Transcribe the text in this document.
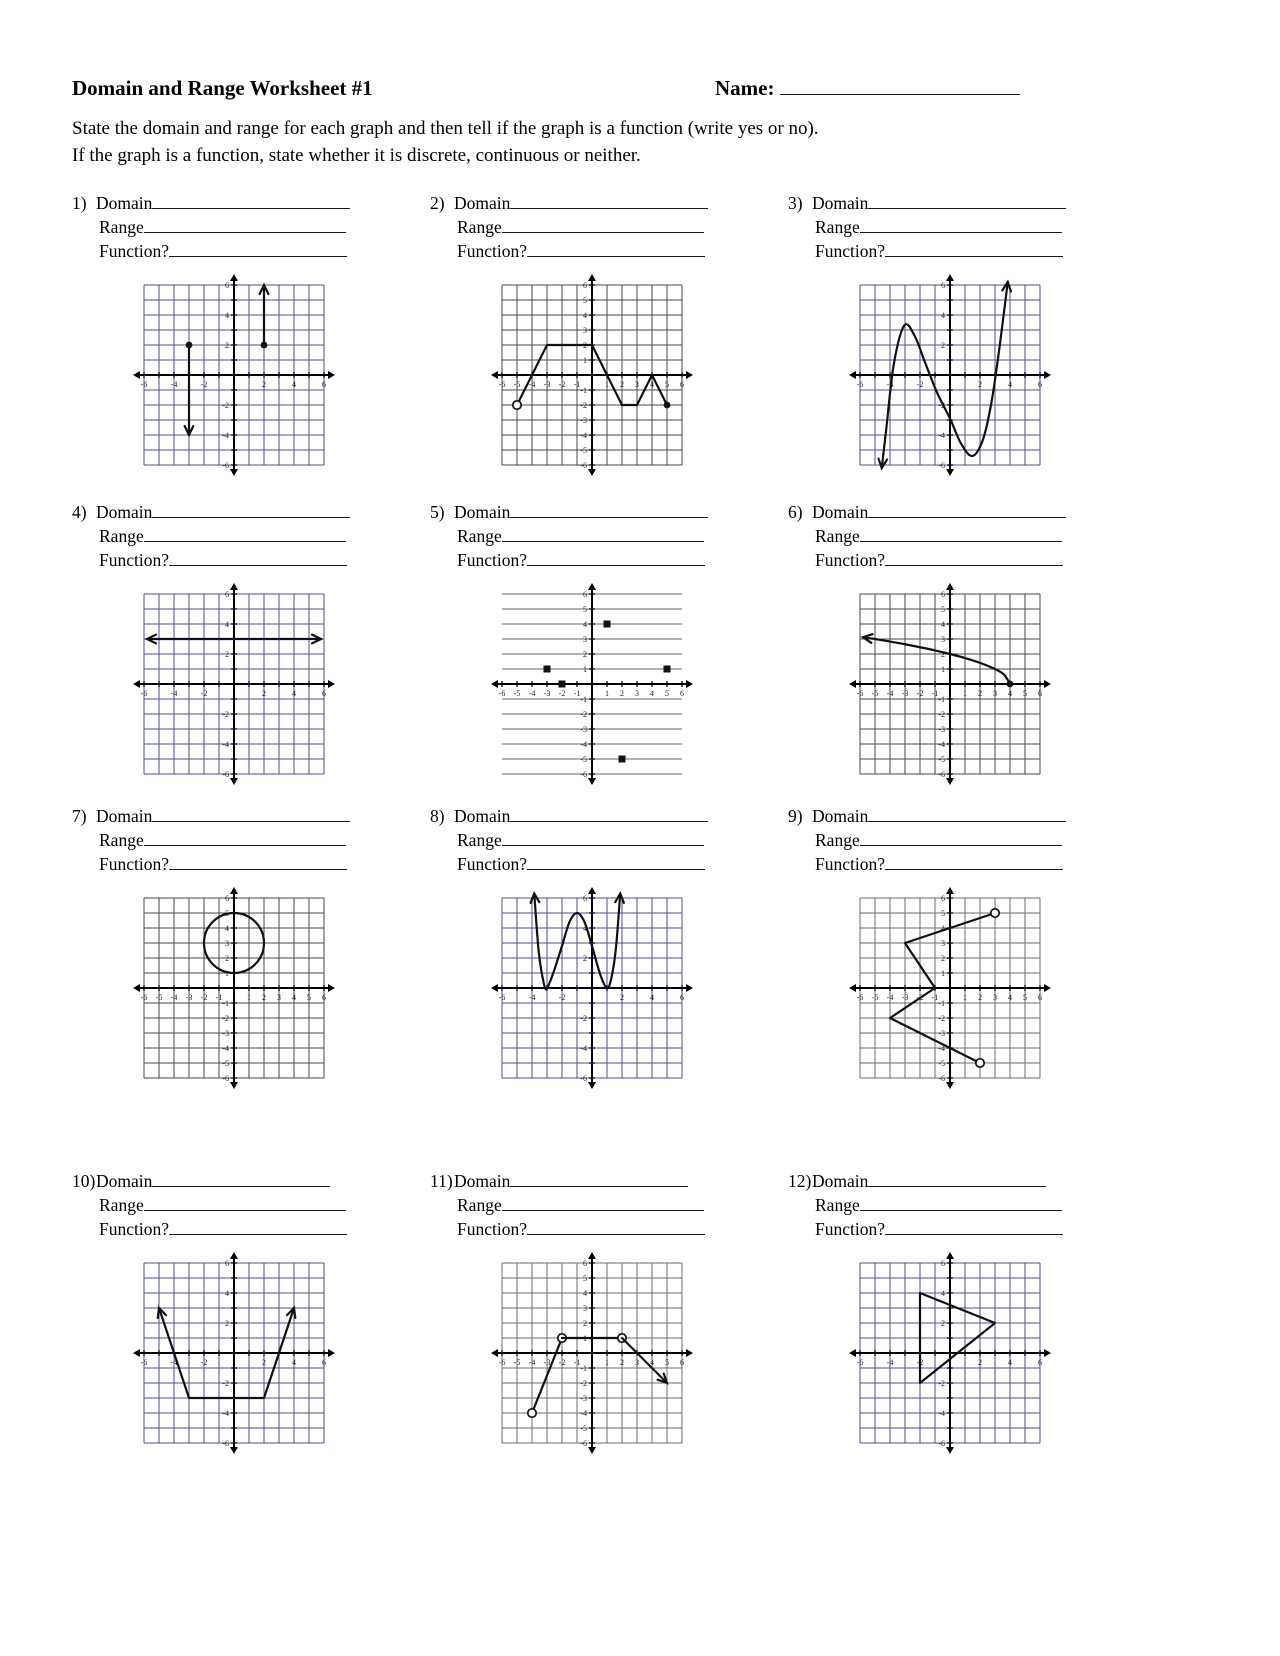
Domain and Range Worksheet #1	Name:
State the domain and range for each graph and then tell if the graph is a function (write yes or no).
If the graph is a function, state whether it is discrete, continuous or neither.
1) Domain
Range
Function?
-6
-6
-4
-4
-2
-2
2
2
4
4
6
6
2) Domain
Range
Function?
-6
-6
-5
-5
-4
-4
-3
-3
-2
-2
-1
-1
1
1
2
2
3
3
4
4
5
5
6
6
3) Domain
Range
Function?
-6
-6
-4
-4
-2
-2
2
2
4
4
6
6
4) Domain
Range
Function?
-6
-6
-4
-4
-2
-2
2
2
4
4
6
6
5) Domain
Range
Function?
-6
-6
-5
-5
-4
-4
-3
-3
-2
-2
-1
-1
1
1
2
2
3
3
4
4
5
5
6
6
6) Domain
Range
Function?
-6
-6
-5
-5
-4
-4
-3
-3
-2
-2
-1
-1
1
1
2
2
3
3
4
4
5
5
6
6
7) Domain
Range
Function?
-6
-6
-5
-5
-4
-4
-3
-3
-2
-2
-1
-1
1
1
2
2
3
3
4
4
5
5
6
6
8) Domain
Range
Function?
-6
-6
-4
-4
-2
-2
2
2
4
4
6
6
9) Domain
Range
Function?
-6
-6
-5
-5
-4
-4
-3
-3
-2
-2
-1
-1
1
1
2
2
3
3
4
4
5
5
6
6
10)Domain
Range
Function?
-6
-6
-4
-4
-2
-2
2
2
4
4
6
6
11)Domain
Range
Function?
-6
-6
-5
-5
-4
-4
-3
-3
-2
-2
-1
-1
1
1
2
2
3
3
4
4
5
5
6
6
12)Domain
Range
Function?
-6
-6
-4
-4
-2
-2
2
2
4
4
6
6
